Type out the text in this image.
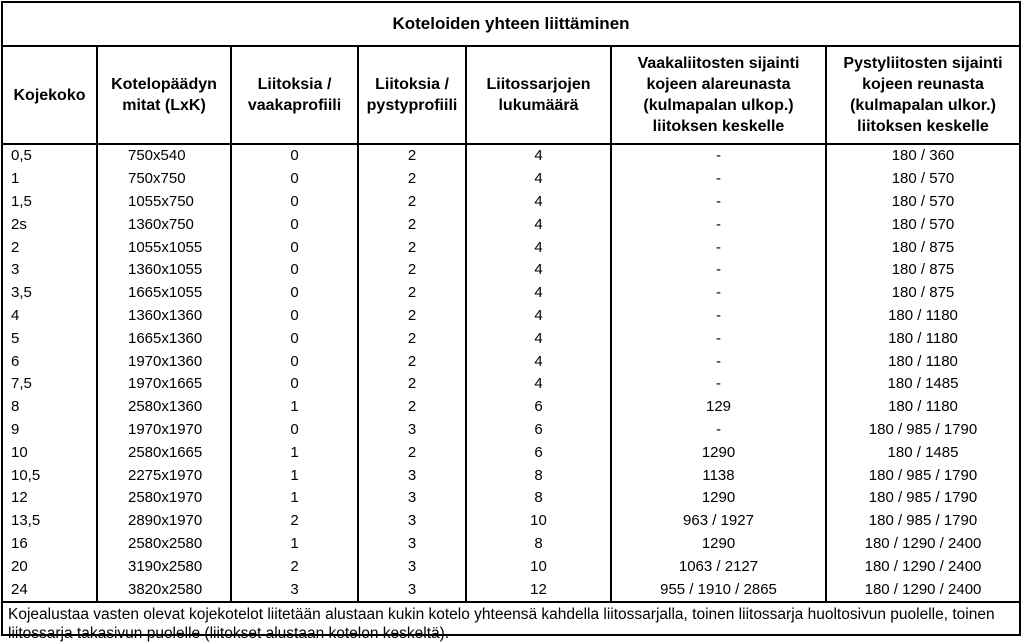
Koteloiden yhteen liittäminen
Kojekoko	Kotelopäädyn mitat (LxK)	Liitoksia / vaakaprofiili	Liitoksia / pystyprofiili	Liitossarjojen lukumäärä	Vaakaliitosten sijainti kojeen alareunasta (kulmapalan ulkop.) liitoksen keskelle	Pystyliitosten sijainti kojeen reunasta (kulmapalan ulkor.) liitoksen keskelle
0,5	750x540	0	2	4	-	180 / 360
1	750x750	0	2	4	-	180 / 570
1,5	1055x750	0	2	4	-	180 / 570
2s	1360x750	0	2	4	-	180 / 570
2	1055x1055	0	2	4	-	180 / 875
3	1360x1055	0	2	4	-	180 / 875
3,5	1665x1055	0	2	4	-	180 / 875
4	1360x1360	0	2	4	-	180 / 1180
5	1665x1360	0	2	4	-	180 / 1180
6	1970x1360	0	2	4	-	180 / 1180
7,5	1970x1665	0	2	4	-	180 / 1485
8	2580x1360	1	2	6	129	180 / 1180
9	1970x1970	0	3	6	-	180 / 985 / 1790
10	2580x1665	1	2	6	1290	180 / 1485
10,5	2275x1970	1	3	8	1138	180 / 985 / 1790
12	2580x1970	1	3	8	1290	180 / 985 / 1790
13,5	2890x1970	2	3	10	963 / 1927	180 / 985 / 1790
16	2580x2580	1	3	8	1290	180 / 1290 / 2400
20	3190x2580	2	3	10	1063 / 2127	180 / 1290 / 2400
24	3820x2580	3	3	12	955 / 1910 / 2865	180 / 1290 / 2400
Kojealustaa vasten olevat kojekotelot liitetään alustaan kukin kotelo yhteensä kahdella liitossarjalla, toinen liitossarja huoltosivun puolelle, toinen liitossarja takasivun puolelle (liitokset alustaan kotelon keskeltä).
